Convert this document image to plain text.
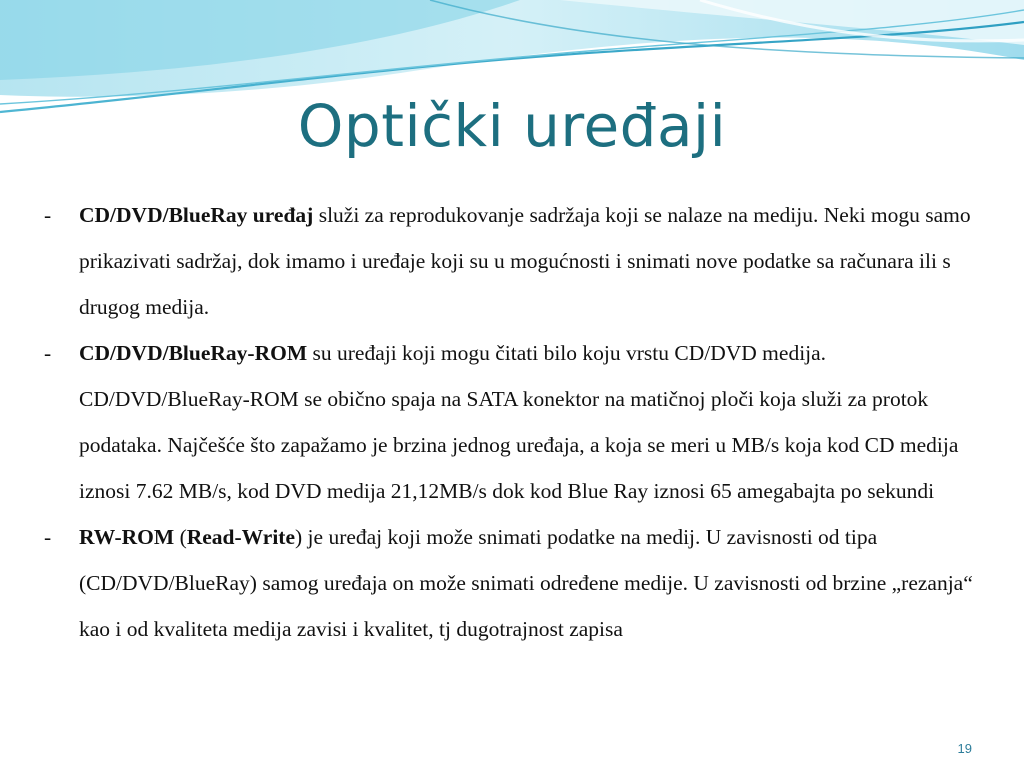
Optički uređaji
- CD/DVD/BlueRay uređaj služi za reprodukovanje sadržaja koji se nalaze na mediju. Neki mogu samo prikazivati sadržaj, dok imamo i uređaje koji su u mogućnosti i snimati nove podatke sa računara ili s drugog medija.
- CD/DVD/BlueRay-ROM su uređaji koji mogu čitati bilo koju vrstu CD/DVD medija. CD/DVD/BlueRay-ROM se obično spaja na SATA konektor na matičnoj ploči koja služi za protok podataka. Najčešće što zapažamo je brzina jednog uređaja, a koja se meri u MB/s koja kod CD medija iznosi 7.62 MB/s, kod DVD medija 21,12MB/s dok kod Blue Ray iznosi 65 amegabajta po sekundi
- RW-ROM (Read-Write) je uređaj koji može snimati podatke na medij. U zavisnosti od tipa (CD/DVD/BlueRay) samog uređaja on može snimati određene medije. U zavisnosti od brzine „rezanja“ kao i od kvaliteta medija zavisi i kvalitet, tj dugotrajnost zapisa
19
